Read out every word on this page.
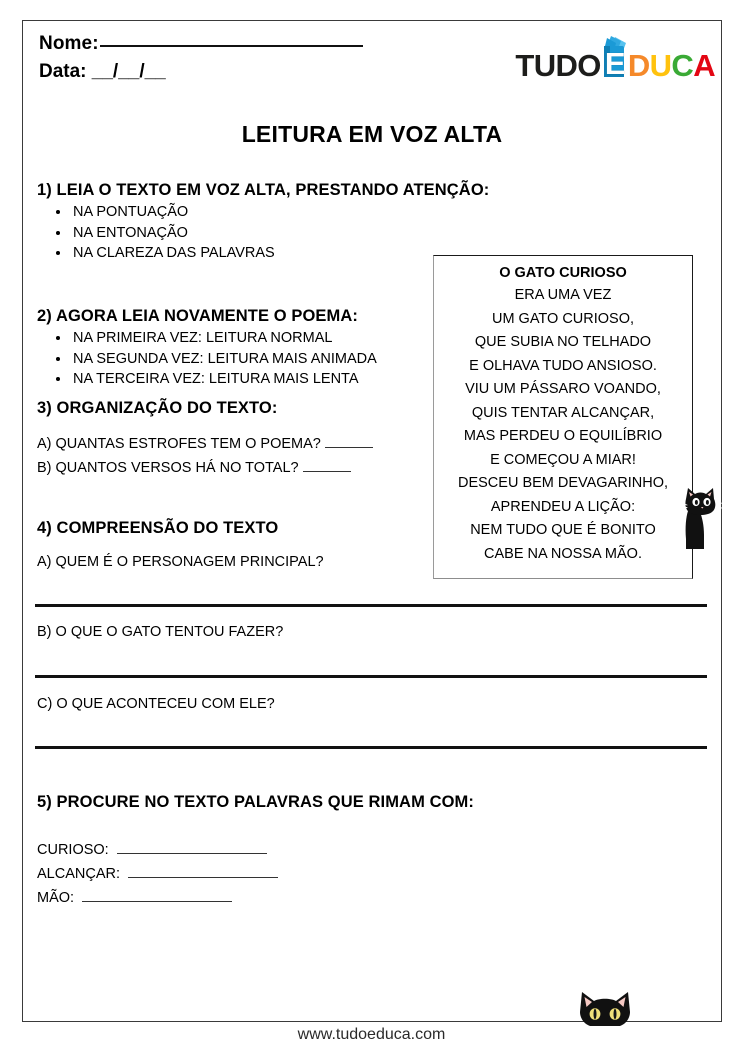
Nome:
Data: __/__/__	TUDO E D U C A
LEITURA EM VOZ ALTA
1) LEIA O TEXTO EM VOZ ALTA, PRESTANDO ATENÇÃO:
• NA PONTUAÇÃO
• NA ENTONAÇÃO
• NA CLAREZA DAS PALAVRAS
2) AGORA LEIA NOVAMENTE O POEMA:
• NA PRIMEIRA VEZ: LEITURA NORMAL
• NA SEGUNDA VEZ: LEITURA MAIS ANIMADA
• NA TERCEIRA VEZ: LEITURA MAIS LENTA
3) ORGANIZAÇÃO DO TEXTO:
A) QUANTAS ESTROFES TEM O POEMA?
B) QUANTOS VERSOS HÁ NO TOTAL?
4) COMPREENSÃO DO TEXTO
A) QUEM É O PERSONAGEM PRINCIPAL?
B) O QUE O GATO TENTOU FAZER?
C) O QUE ACONTECEU COM ELE?
5) PROCURE NO TEXTO PALAVRAS QUE RIMAM COM:
CURIOSO:
ALCANÇAR:
MÃO:
O GATO CURIOSO
ERA UMA VEZ
UM GATO CURIOSO,
QUE SUBIA NO TELHADO
E OLHAVA TUDO ANSIOSO.
VIU UM PÁSSARO VOANDO,
QUIS TENTAR ALCANÇAR,
MAS PERDEU O EQUILÍBRIO
E COMEÇOU A MIAR!
DESCEU BEM DEVAGARINHO,
APRENDEU A LIÇÃO:
NEM TUDO QUE É BONITO
CABE NA NOSSA MÃO.
www.tudoeduca.com
